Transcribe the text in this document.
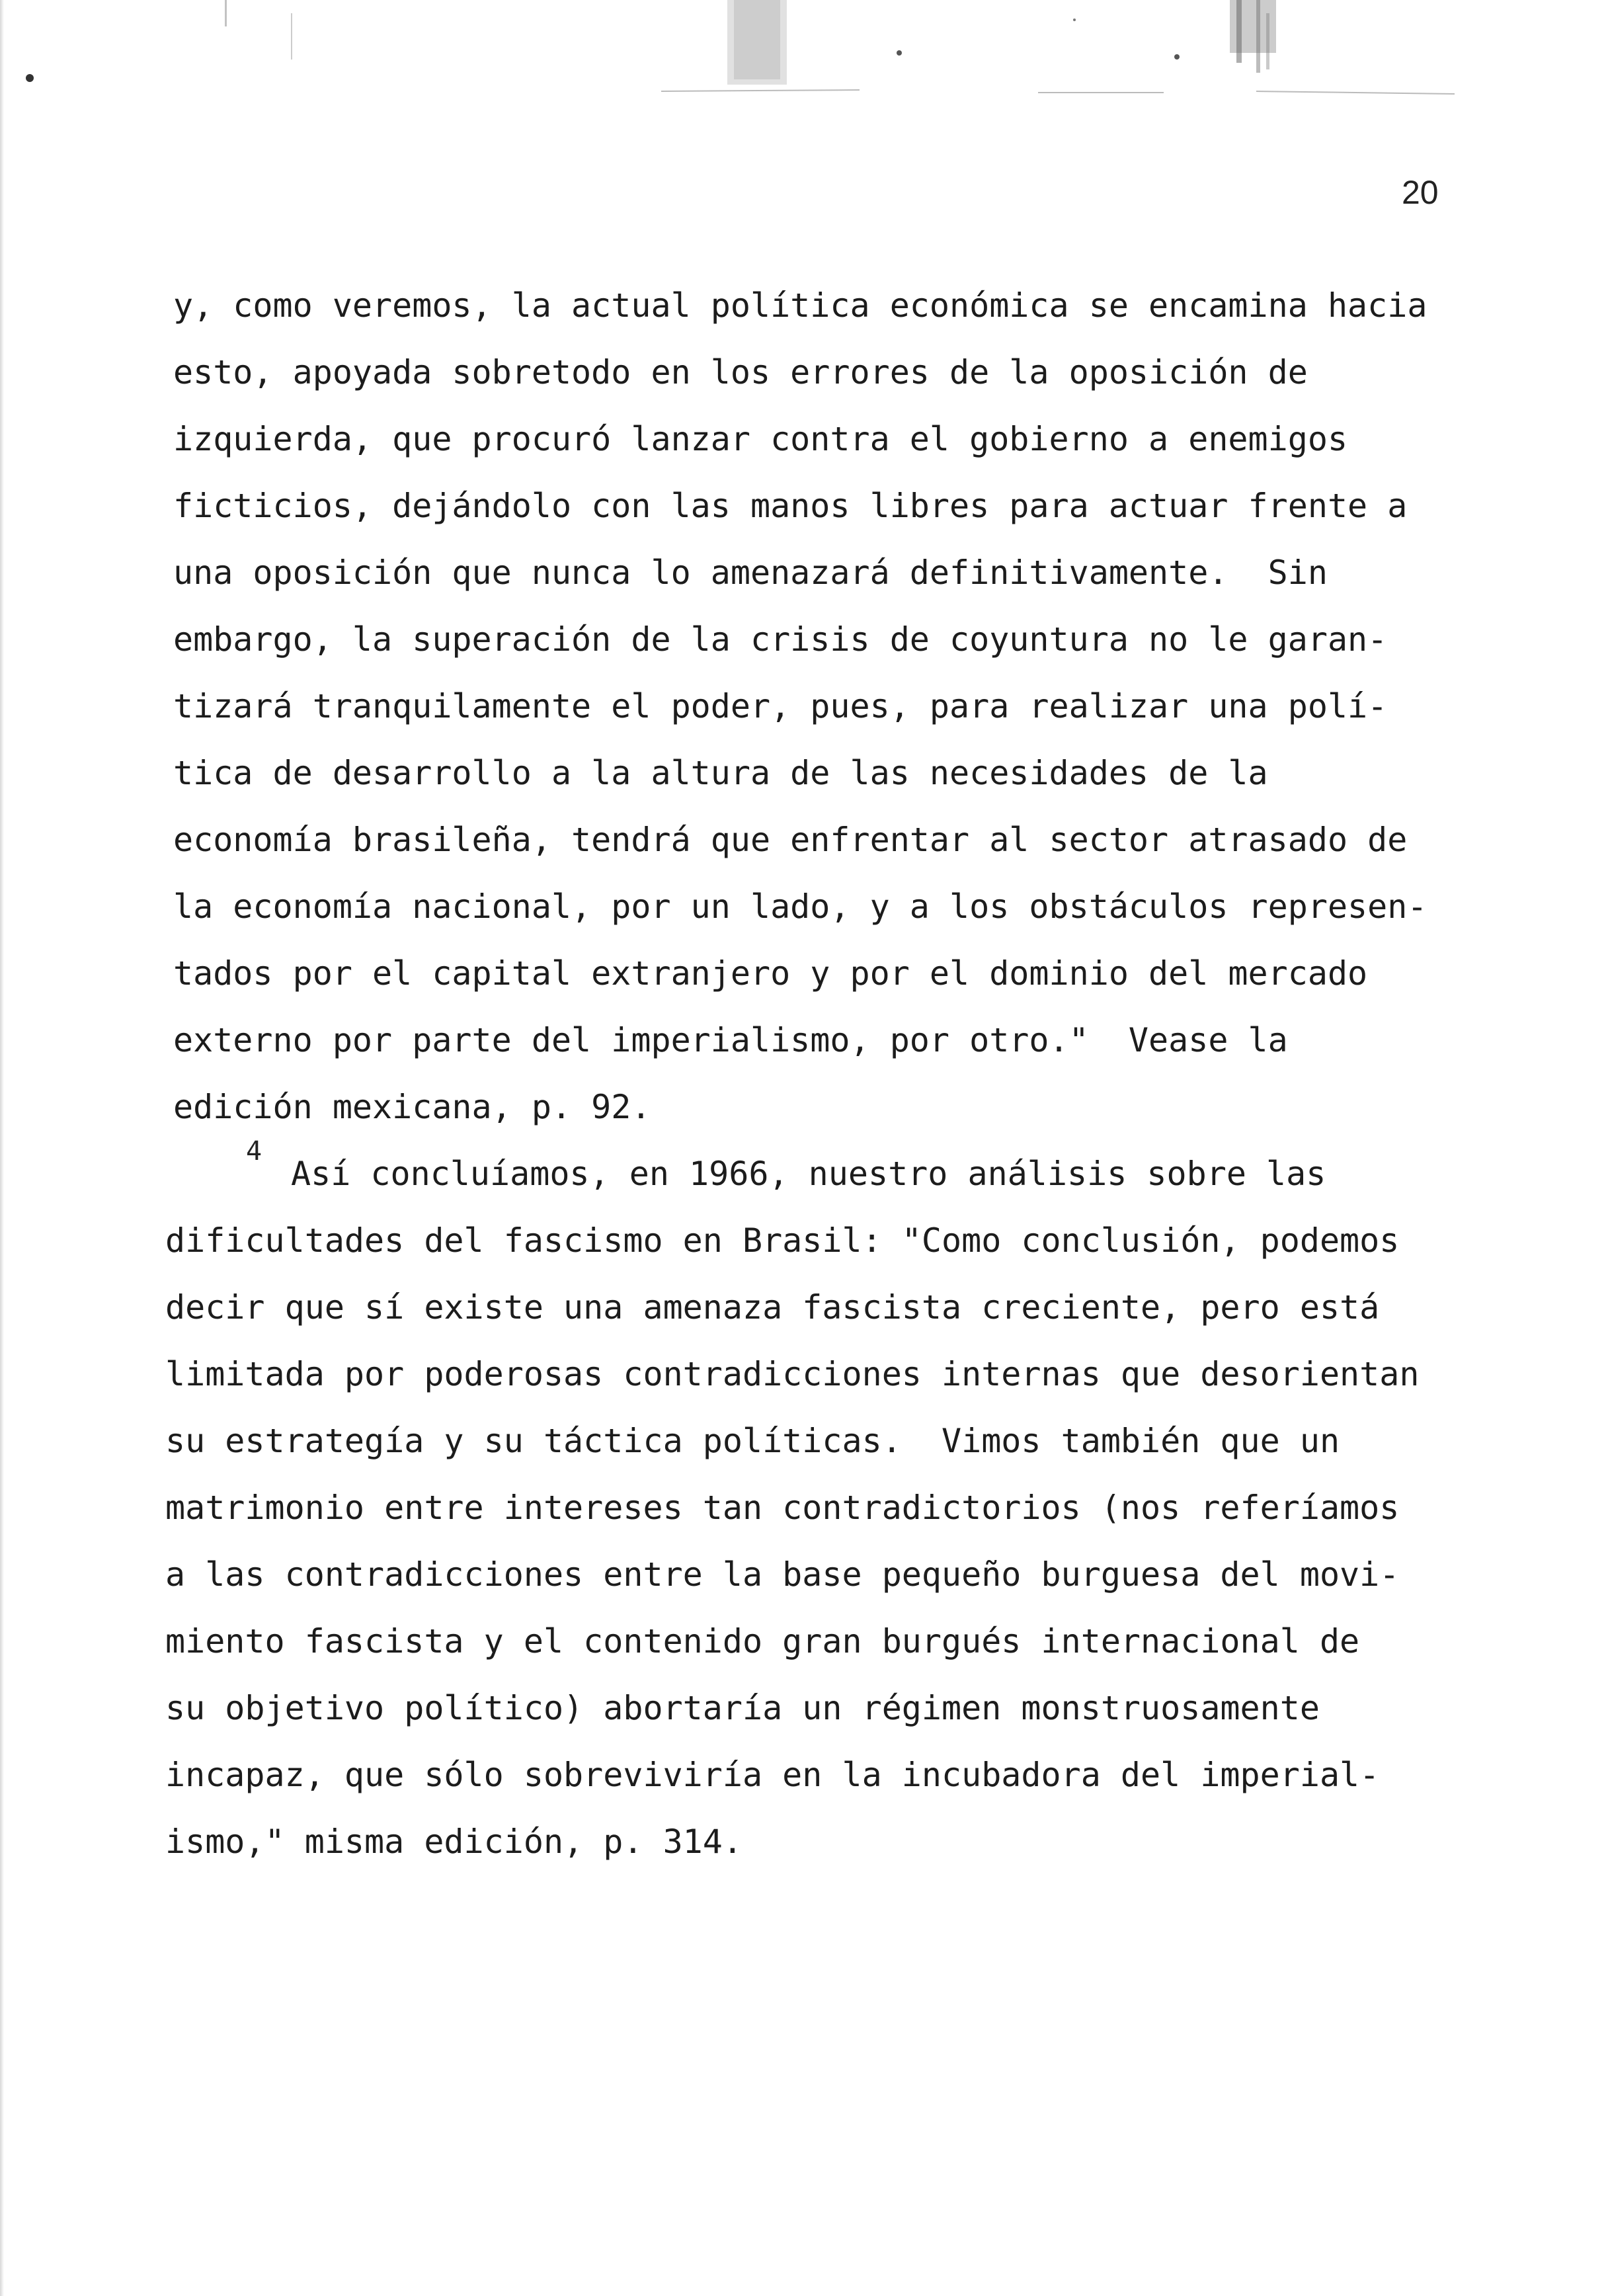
20
y, como veremos, la actual política económica se encamina hacia
esto, apoyada sobretodo en los errores de la oposición de
izquierda, que procuró lanzar contra el gobierno a enemigos
ficticios, dejándolo con las manos libres para actuar frente a
una oposición que nunca lo amenazará definitivamente.  Sin
embargo, la superación de la crisis de coyuntura no le garan-
tizará tranquilamente el poder, pues, para realizar una polí-
tica de desarrollo a la altura de las necesidades de la
economía brasileña, tendrá que enfrentar al sector atrasado de
la economía nacional, por un lado, y a los obstáculos represen-
tados por el capital extranjero y por el dominio del mercado
externo por parte del imperialismo, por otro."  Vease la
edición mexicana, p. 92.
4
Así concluíamos, en 1966, nuestro análisis sobre las
dificultades del fascismo en Brasil: "Como conclusión, podemos
decir que sí existe una amenaza fascista creciente, pero está
limitada por poderosas contradicciones internas que desorientan
su estrategía y su táctica políticas.  Vimos también que un
matrimonio entre intereses tan contradictorios (nos referíamos
a las contradicciones entre la base pequeño burguesa del movi-
miento fascista y el contenido gran burgués internacional de
su objetivo político) abortaría un régimen monstruosamente
incapaz, que sólo sobreviviría en la incubadora del imperial-
ismo," misma edición, p. 314.
